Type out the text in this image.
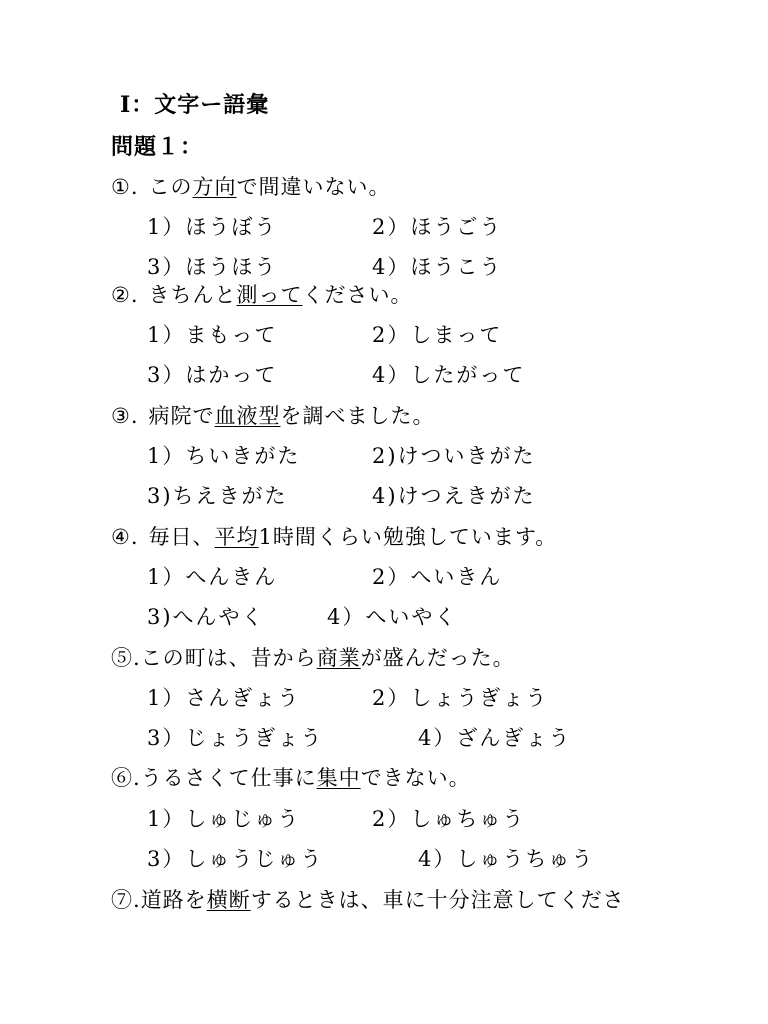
Ⅰ：文字ー語彙
問題１：
①. この方向で間違いない。
1）ほうぼう	2）ほうごう
3）ほうほう	4）ほうこう
②. きちんと測ってください。
1）まもって	2）しまって
3）はかって	4）したがって
③. 病院で血液型を調べました。
1）ちいきがた	2)けついきがた
3)ちえきがた	4)けつえきがた
④. 毎日、平均1時間くらい勉強しています。
1）へんきん	2）へいきん
3)へんやく	4）へいやく
⑤.この町は、昔から商業が盛んだった。
1）さんぎょう	2）しょうぎょう
3）じょうぎょう	4）ざんぎょう
⑥.うるさくて仕事に集中できない。
1）しゅじゅう	2）しゅちゅう
3）しゅうじゅう	4）しゅうちゅう
⑦.道路を横断するときは、車に十分注意してくださ
